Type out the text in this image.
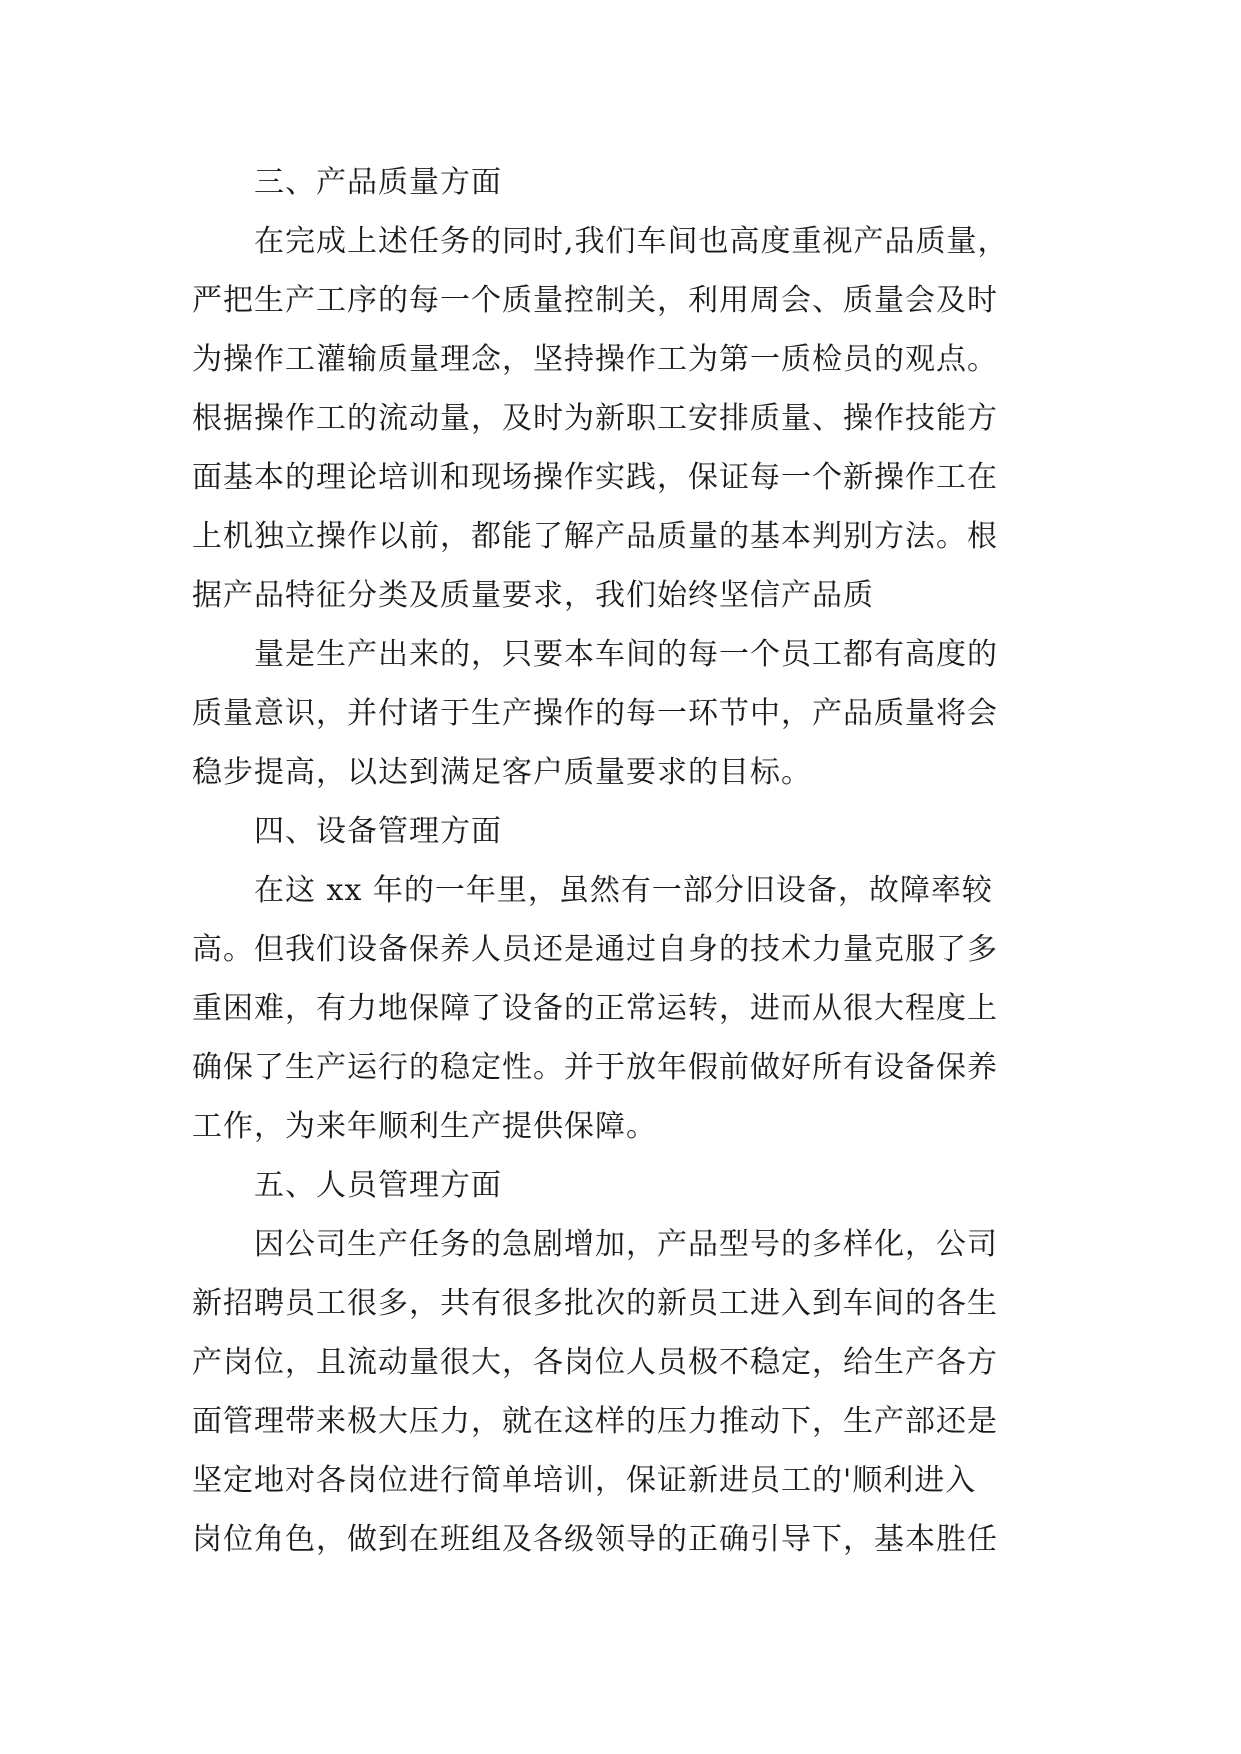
三、产品质量方面

在完成上述任务的同时,我们车间也高度重视产品质量，

严把生产工序的每一个质量控制关，利用周会、质量会及时

为操作工灌输质量理念，坚持操作工为第一质检员的观点。

根据操作工的流动量，及时为新职工安排质量、操作技能方

面基本的理论培训和现场操作实践，保证每一个新操作工在

上机独立操作以前，都能了解产品质量的基本判别方法。根

据产品特征分类及质量要求，我们始终坚信产品质

量是生产出来的，只要本车间的每一个员工都有高度的

质量意识，并付诸于生产操作的每一环节中，产品质量将会

稳步提高，以达到满足客户质量要求的目标。

四、设备管理方面

在这 xx 年的一年里，虽然有一部分旧设备，故障率较

高。但我们设备保养人员还是通过自身的技术力量克服了多

重困难，有力地保障了设备的正常运转，进而从很大程度上

确保了生产运行的稳定性。并于放年假前做好所有设备保养

工作，为来年顺利生产提供保障。

五、人员管理方面

因公司生产任务的急剧增加，产品型号的多样化，公司

新招聘员工很多，共有很多批次的新员工进入到车间的各生

产岗位，且流动量很大，各岗位人员极不稳定，给生产各方

面管理带来极大压力，就在这样的压力推动下，生产部还是

坚定地对各岗位进行简单培训，保证新进员工的'顺利进入

岗位角色，做到在班组及各级领导的正确引导下，基本胜任
